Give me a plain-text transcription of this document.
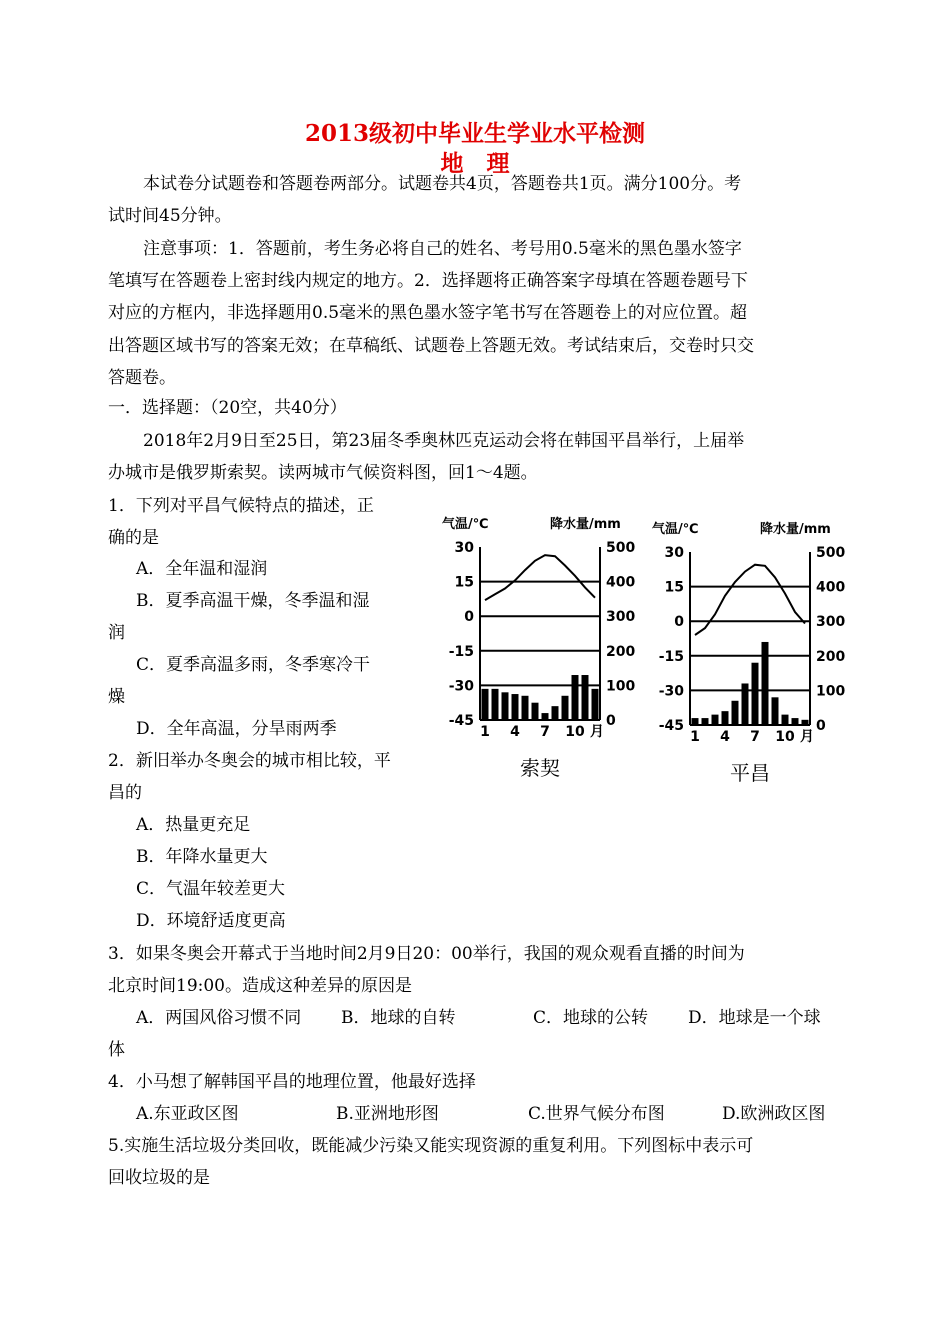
2013级初中毕业生学业水平检测
地　理
本试卷分试题卷和答题卷两部分。试题卷共4页，答题卷共1页。满分100分。考
试时间45分钟。
注意事项：1．答题前，考生务必将自己的姓名、考号用0.5毫米的黑色墨水签字
笔填写在答题卷上密封线内规定的地方。2．选择题将正确答案字母填在答题卷题号下
对应的方框内，非选择题用0.5毫米的黑色墨水签字笔书写在答题卷上的对应位置。超
出答题区域书写的答案无效；在草稿纸、试题卷上答题无效。考试结束后，交卷时只交
答题卷。
一．选择题：（20空，共40分）
2018年2月9日至25日，第23届冬季奥林匹克运动会将在韩国平昌举行，上届举
办城市是俄罗斯索契。读两城市气候资料图，回1～4题。
1．下列对平昌气候特点的描述，正
确的是
A．全年温和湿润
B．夏季高温干燥，冬季温和湿
润
C．夏季高温多雨，冬季寒冷干
燥
D．全年高温，分旱雨两季
2．新旧举办冬奥会的城市相比较，平
昌的
A．热量更充足
B．年降水量更大
C．气温年较差更大
D．环境舒适度更高
3．如果冬奥会开幕式于当地时间2月9日20：00举行，我国的观众观看直播的时间为
北京时间19:00。造成这种差异的原因是
A．两国风俗习惯不同 B．地球的自转	C．地球的公转 D．地球是一个球
体
4．小马想了解韩国平昌的地理位置，他最好选择
A.东亚政区图	B.亚洲地形图	C.世界气候分布图	D.欧洲政区图
5.实施生活垃圾分类回收，既能减少污染又能实现资源的重复利用。下列图标中表示可
回收垃圾的是
气温/℃	降水量/mm
30	500
15	400
0	300
-15	200
-30	100
-45	0
1 4 7 10 月
索契
气温/℃	降水量/mm
30	500
15	400
0	300
-15	200
-30	100
-45	0
1 4 7 10 月
平昌
